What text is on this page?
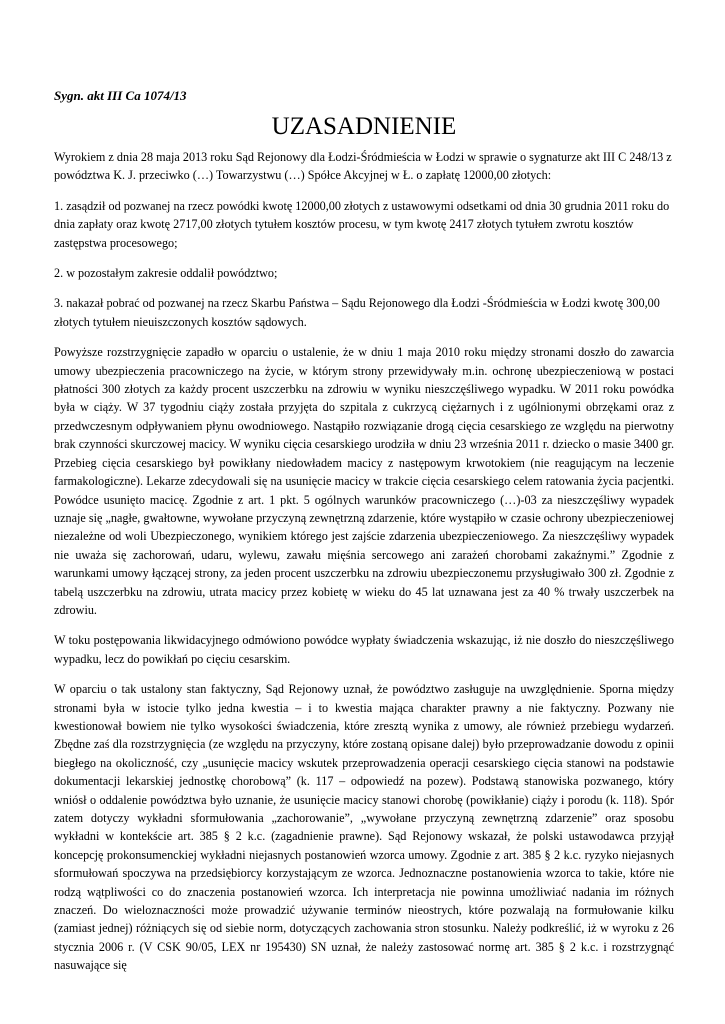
Sygn. akt III Ca 1074/13
UZASADNIENIE

Wyrokiem z dnia 28 maja 2013 roku Sąd Rejonowy dla Łodzi-Śródmieścia w Łodzi w sprawie o sygnaturze akt III C 248/13 z powództwa K. J. przeciwko (…) Towarzystwu (…) Spółce Akcyjnej w Ł. o zapłatę 12000,00 złotych:

1. zasądził od pozwanej na rzecz powódki kwotę 12000,00 złotych z ustawowymi odsetkami od dnia 30 grudnia 2011 roku do dnia zapłaty oraz kwotę 2717,00 złotych tytułem kosztów procesu, w tym kwotę 2417 złotych tytułem zwrotu kosztów zastępstwa procesowego;

2. w pozostałym zakresie oddalił powództwo;

3. nakazał pobrać od pozwanej na rzecz Skarbu Państwa – Sądu Rejonowego dla Łodzi -Śródmieścia w Łodzi kwotę 300,00 złotych tytułem nieuiszczonych kosztów sądowych.

Powyższe rozstrzygnięcie zapadło w oparciu o ustalenie, że w dniu 1 maja 2010 roku między stronami doszło do zawarcia umowy ubezpieczenia pracowniczego na życie, w którym strony przewidywały m.in. ochronę ubezpieczeniową w postaci płatności 300 złotych za każdy procent uszczerbku na zdrowiu w wyniku nieszczęśliwego wypadku. W 2011 roku powódka była w ciąży. W 37 tygodniu ciąży została przyjęta do szpitala z cukrzycą ciężarnych i z ugólnionymi obrzękami oraz z przedwczesnym odpływaniem płynu owodniowego. Nastąpiło rozwiązanie drogą cięcia cesarskiego ze względu na pierwotny brak czynności skurczowej macicy. W wyniku cięcia cesarskiego urodziła w dniu 23 września 2011 r. dziecko o masie 3400 gr. Przebieg cięcia cesarskiego był powikłany niedowładem macicy z następowym krwotokiem (nie reagującym na leczenie farmakologiczne). Lekarze zdecydowali się na usunięcie macicy w trakcie cięcia cesarskiego celem ratowania życia pacjentki. Powódce usunięto macicę. Zgodnie z art. 1 pkt. 5 ogólnych warunków pracowniczego (…)-03 za nieszczęśliwy wypadek uznaje się „nagłe, gwałtowne, wywołane przyczyną zewnętrzną zdarzenie, które wystąpiło w czasie ochrony ubezpieczeniowej niezależne od woli Ubezpieczonego, wynikiem którego jest zajście zdarzenia ubezpieczeniowego. Za nieszczęśliwy wypadek nie uważa się zachorowań, udaru, wylewu, zawału mięśnia sercowego ani zarażeń chorobami zakaźnymi.” Zgodnie z warunkami umowy łączącej strony, za jeden procent uszczerbku na zdrowiu ubezpieczonemu przysługiwało 300 zł. Zgodnie z tabelą uszczerbku na zdrowiu, utrata macicy przez kobietę w wieku do 45 lat uznawana jest za 40 % trwały uszczerbek na zdrowiu.

W toku postępowania likwidacyjnego odmówiono powódce wypłaty świadczenia wskazując, iż nie doszło do nieszczęśliwego wypadku, lecz do powikłań po cięciu cesarskim.

W oparciu o tak ustalony stan faktyczny, Sąd Rejonowy uznał, że powództwo zasługuje na uwzględnienie. Sporna między stronami była w istocie tylko jedna kwestia – i to kwestia mająca charakter prawny a nie faktyczny. Pozwany nie kwestionował bowiem nie tylko wysokości świadczenia, które zresztą wynika z umowy, ale również przebiegu wydarzeń. Zbędne zaś dla rozstrzygnięcia (ze względu na przyczyny, które zostaną opisane dalej) było przeprowadzanie dowodu z opinii biegłego na okoliczność, czy „usunięcie macicy wskutek przeprowadzenia operacji cesarskiego cięcia stanowi na podstawie dokumentacji lekarskiej jednostkę chorobową” (k. 117 – odpowiedź na pozew). Podstawą stanowiska pozwanego, który wniósł o oddalenie powództwa było uznanie, że usunięcie macicy stanowi chorobę (powikłanie) ciąży i porodu (k. 118). Spór zatem dotyczy wykładni sformułowania „zachorowanie”, „wywołane przyczyną zewnętrzną zdarzenie” oraz sposobu wykładni w kontekście art. 385 § 2 k.c. (zagadnienie prawne). Sąd Rejonowy wskazał, że polski ustawodawca przyjął koncepcję prokonsumenckiej wykładni niejasnych postanowień wzorca umowy. Zgodnie z art. 385 § 2 k.c. ryzyko niejasnych sformułowań spoczywa na przedsiębiorcy korzystającym ze wzorca. Jednoznaczne postanowienia wzorca to takie, które nie rodzą wątpliwości co do znaczenia postanowień wzorca. Ich interpretacja nie powinna umożliwiać nadania im różnych znaczeń. Do wieloznaczności może prowadzić używanie terminów nieostrych, które pozwalają na formułowanie kilku (zamiast jednej) różniących się od siebie norm, dotyczących zachowania stron stosunku. Należy podkreślić, iż w wyroku z 26 stycznia 2006 r. (V CSK 90/05, LEX nr 195430) SN uznał, że należy zastosować normę art. 385 § 2 k.c. i rozstrzygnąć nasuwające się
